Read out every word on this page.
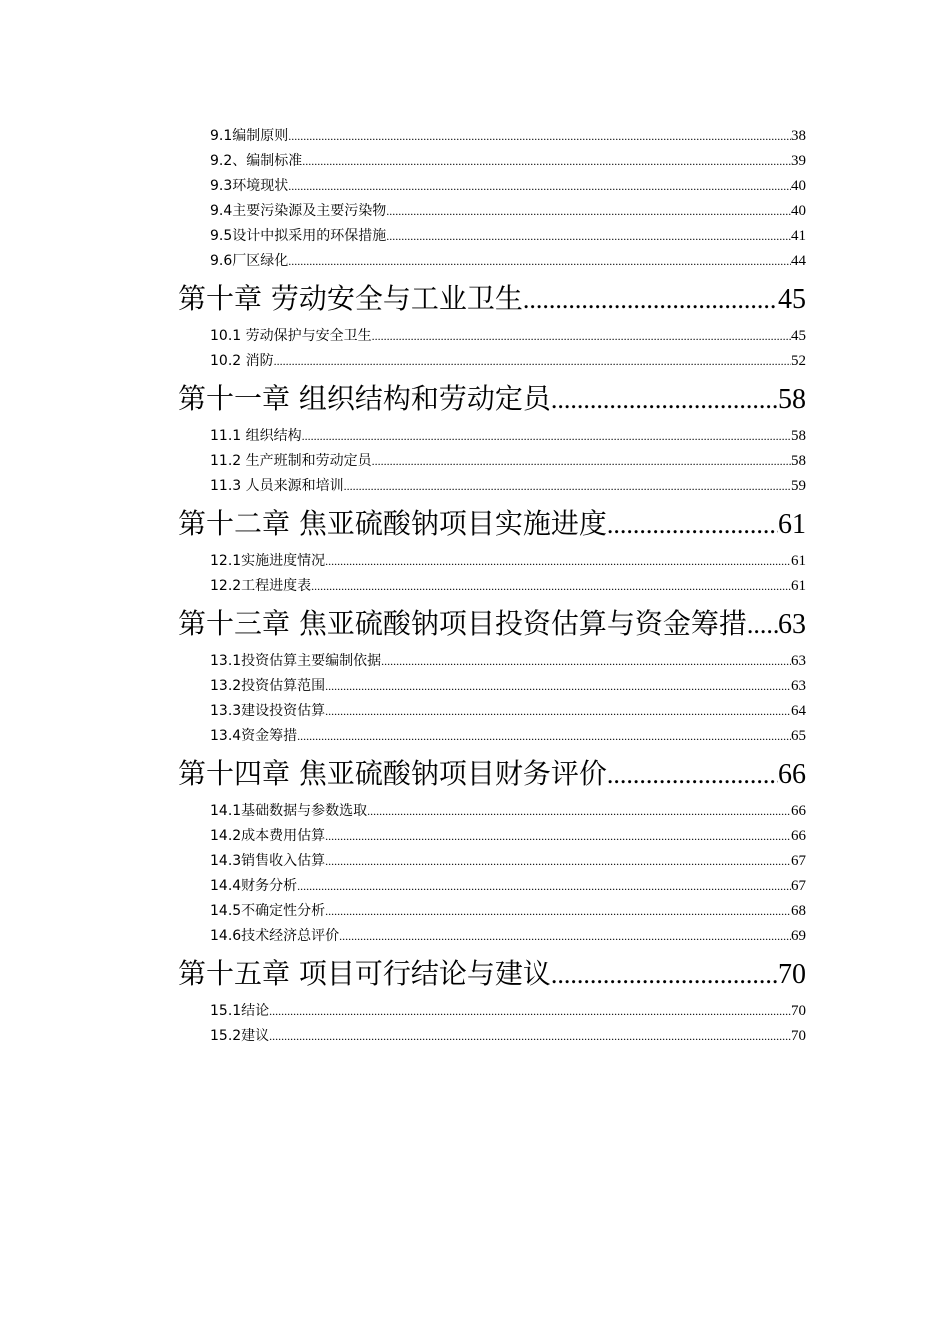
9.1编制原则 .....	38
9.2、编制标准 .....	39
9.3环境现状 .....	40
9.4主要污染源及主要污染物 .....	40
9.5设计中拟采用的环保措施 .....	41
9.6厂区绿化 .....	44
第十章 劳动安全与工业卫生 .....	45
10.1 劳动保护与安全卫生 .....	45
10.2 消防 .....	52
第十一章 组织结构和劳动定员 .....	58
11.1 组织结构 .....	58
11.2 生产班制和劳动定员 .....	58
11.3 人员来源和培训 .....	59
第十二章 焦亚硫酸钠项目实施进度 .....	61
12.1实施进度情况 .....	61
12.2工程进度表 .....	61
第十三章 焦亚硫酸钠项目投资估算与资金筹措 ..... 63
13.1投资估算主要编制依据 .....	63
13.2投资估算范围 .....	63
13.3建设投资估算 .....	64
13.4资金筹措 .....	65
第十四章 焦亚硫酸钠项目财务评价 .....	66
14.1基础数据与参数选取 .....	66
14.2成本费用估算 .....	66
14.3销售收入估算 .....	67
14.4财务分析 .....	67
14.5不确定性分析 .....	68
14.6技术经济总评价 .....	69
第十五章 项目可行结论与建议 .....	70
15.1结论 .....	70
15.2建议 .....	70
